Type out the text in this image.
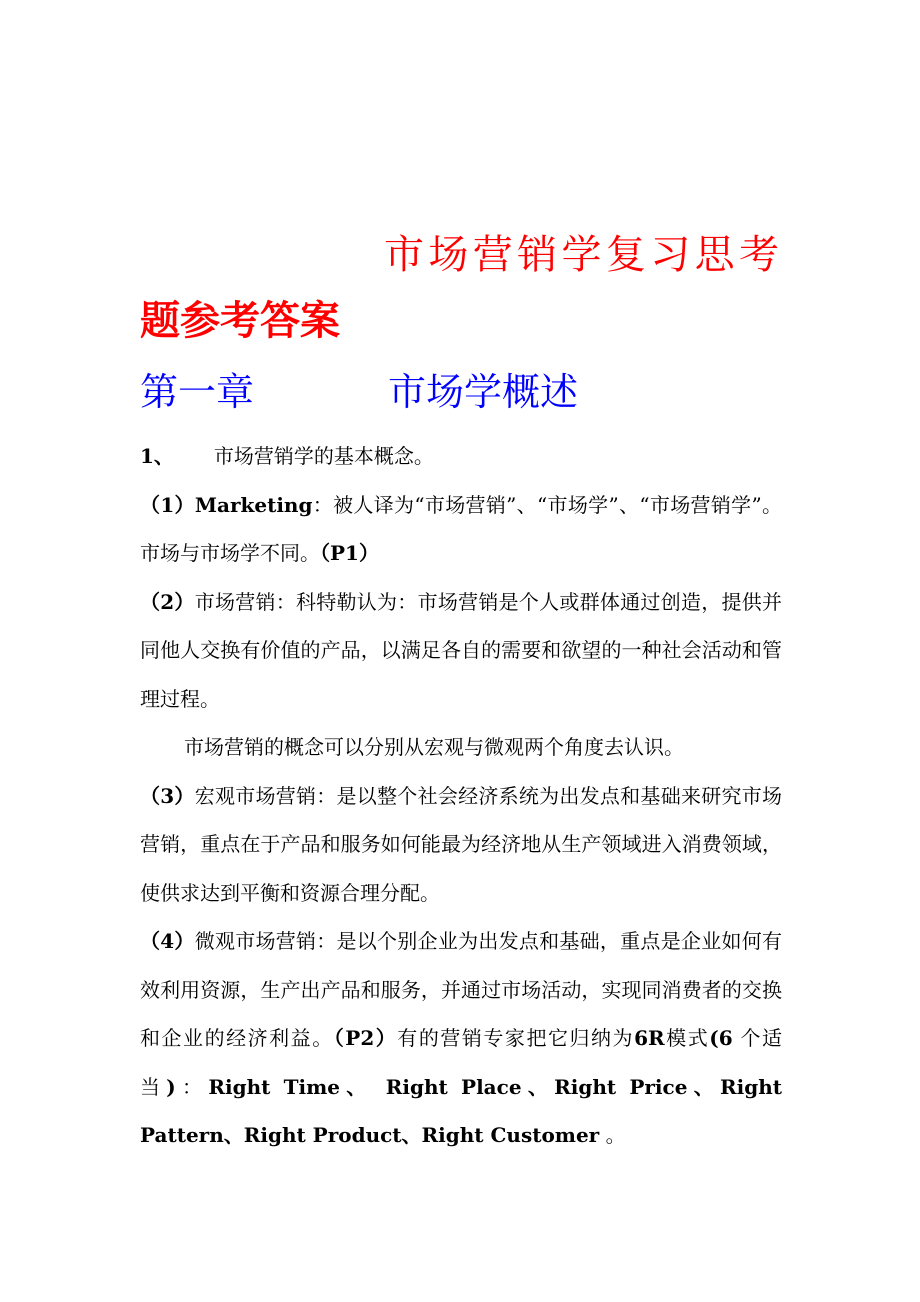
市场营销学复习思考题参考答案
第一章	市场学概述

1、 市场营销学的基本概念。

（1）Marketing：被人译为“市场营销”、“市场学”、“市场营销学”。市场与市场学不同。（P1）

（2）市场营销：科特勒认为：市场营销是个人或群体通过创造，提供并同他人交换有价值的产品，以满足各自的需要和欲望的一种社会活动和管理过程。

市场营销的概念可以分别从宏观与微观两个角度去认识。

（3）宏观市场营销：是以整个社会经济系统为出发点和基础来研究市场营销，重点在于产品和服务如何能最为经济地从生产领域进入消费领域，使供求达到平衡和资源合理分配。

（4）微观市场营销：是以个别企业为出发点和基础，重点是企业如何有效利用资源，生产出产品和服务，并通过市场活动，实现同消费者的交换和企业的经济利益。（P2）有的营销专家把它归纳为6R模式(6 个适当)：Right Time、 Right Place、Right Price、Right Pattern、Right Product、Right Customer 。
